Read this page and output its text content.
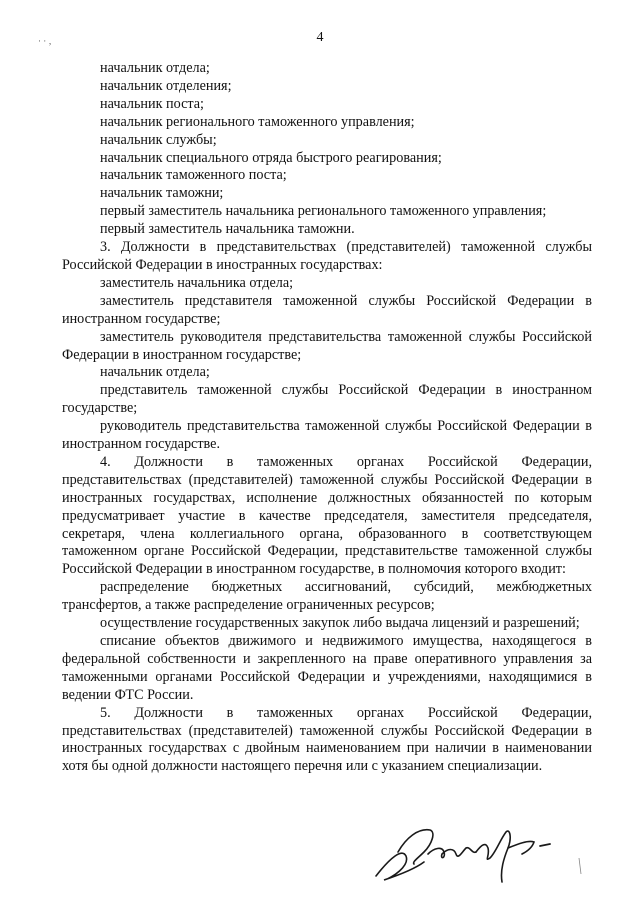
4
· · ‚

начальник отдела;

начальник отделения;

начальник поста;

начальник регионального таможенного управления;

начальник службы;

начальник специального отряда быстрого реагирования;

начальник таможенного поста;

начальник таможни;

первый заместитель начальника регионального таможенного управления;

первый заместитель начальника таможни.

3. Должности в представительствах (представителей) таможенной службы Российской Федерации в иностранных государствах:

заместитель начальника отдела;

заместитель представителя таможенной службы Российской Федерации в иностранном государстве;

заместитель руководителя представительства таможенной службы Российской Федерации в иностранном государстве;

начальник отдела;

представитель таможенной службы Российской Федерации в иностранном государстве;

руководитель представительства таможенной службы Российской Федерации в иностранном государстве.

4. Должности в таможенных органах Российской Федерации, представительствах (представителей) таможенной службы Российской Федерации в иностранных государствах, исполнение должностных обязанностей по которым предусматривает участие в качестве председателя, заместителя председателя, секретаря, члена коллегиального органа, образованного в соответствующем таможенном органе Российской Федерации, представительстве таможенной службы Российской Федерации в иностранном государстве, в полномочия которого входит:

распределение бюджетных ассигнований, субсидий, межбюджетных трансфертов, а также распределение ограниченных ресурсов;

осуществление государственных закупок либо выдача лицензий и разрешений;

списание объектов движимого и недвижимого имущества, находящегося в федеральной собственности и закрепленного на праве оперативного управления за таможенными органами Российской Федерации и учреждениями, находящимися в ведении ФТС России.

5. Должности в таможенных органах Российской Федерации, представительствах (представителей) таможенной службы Российской Федерации в иностранных государствах с двойным наименованием при наличии в наименовании хотя бы одной должности настоящего перечня или с указанием специализации.
